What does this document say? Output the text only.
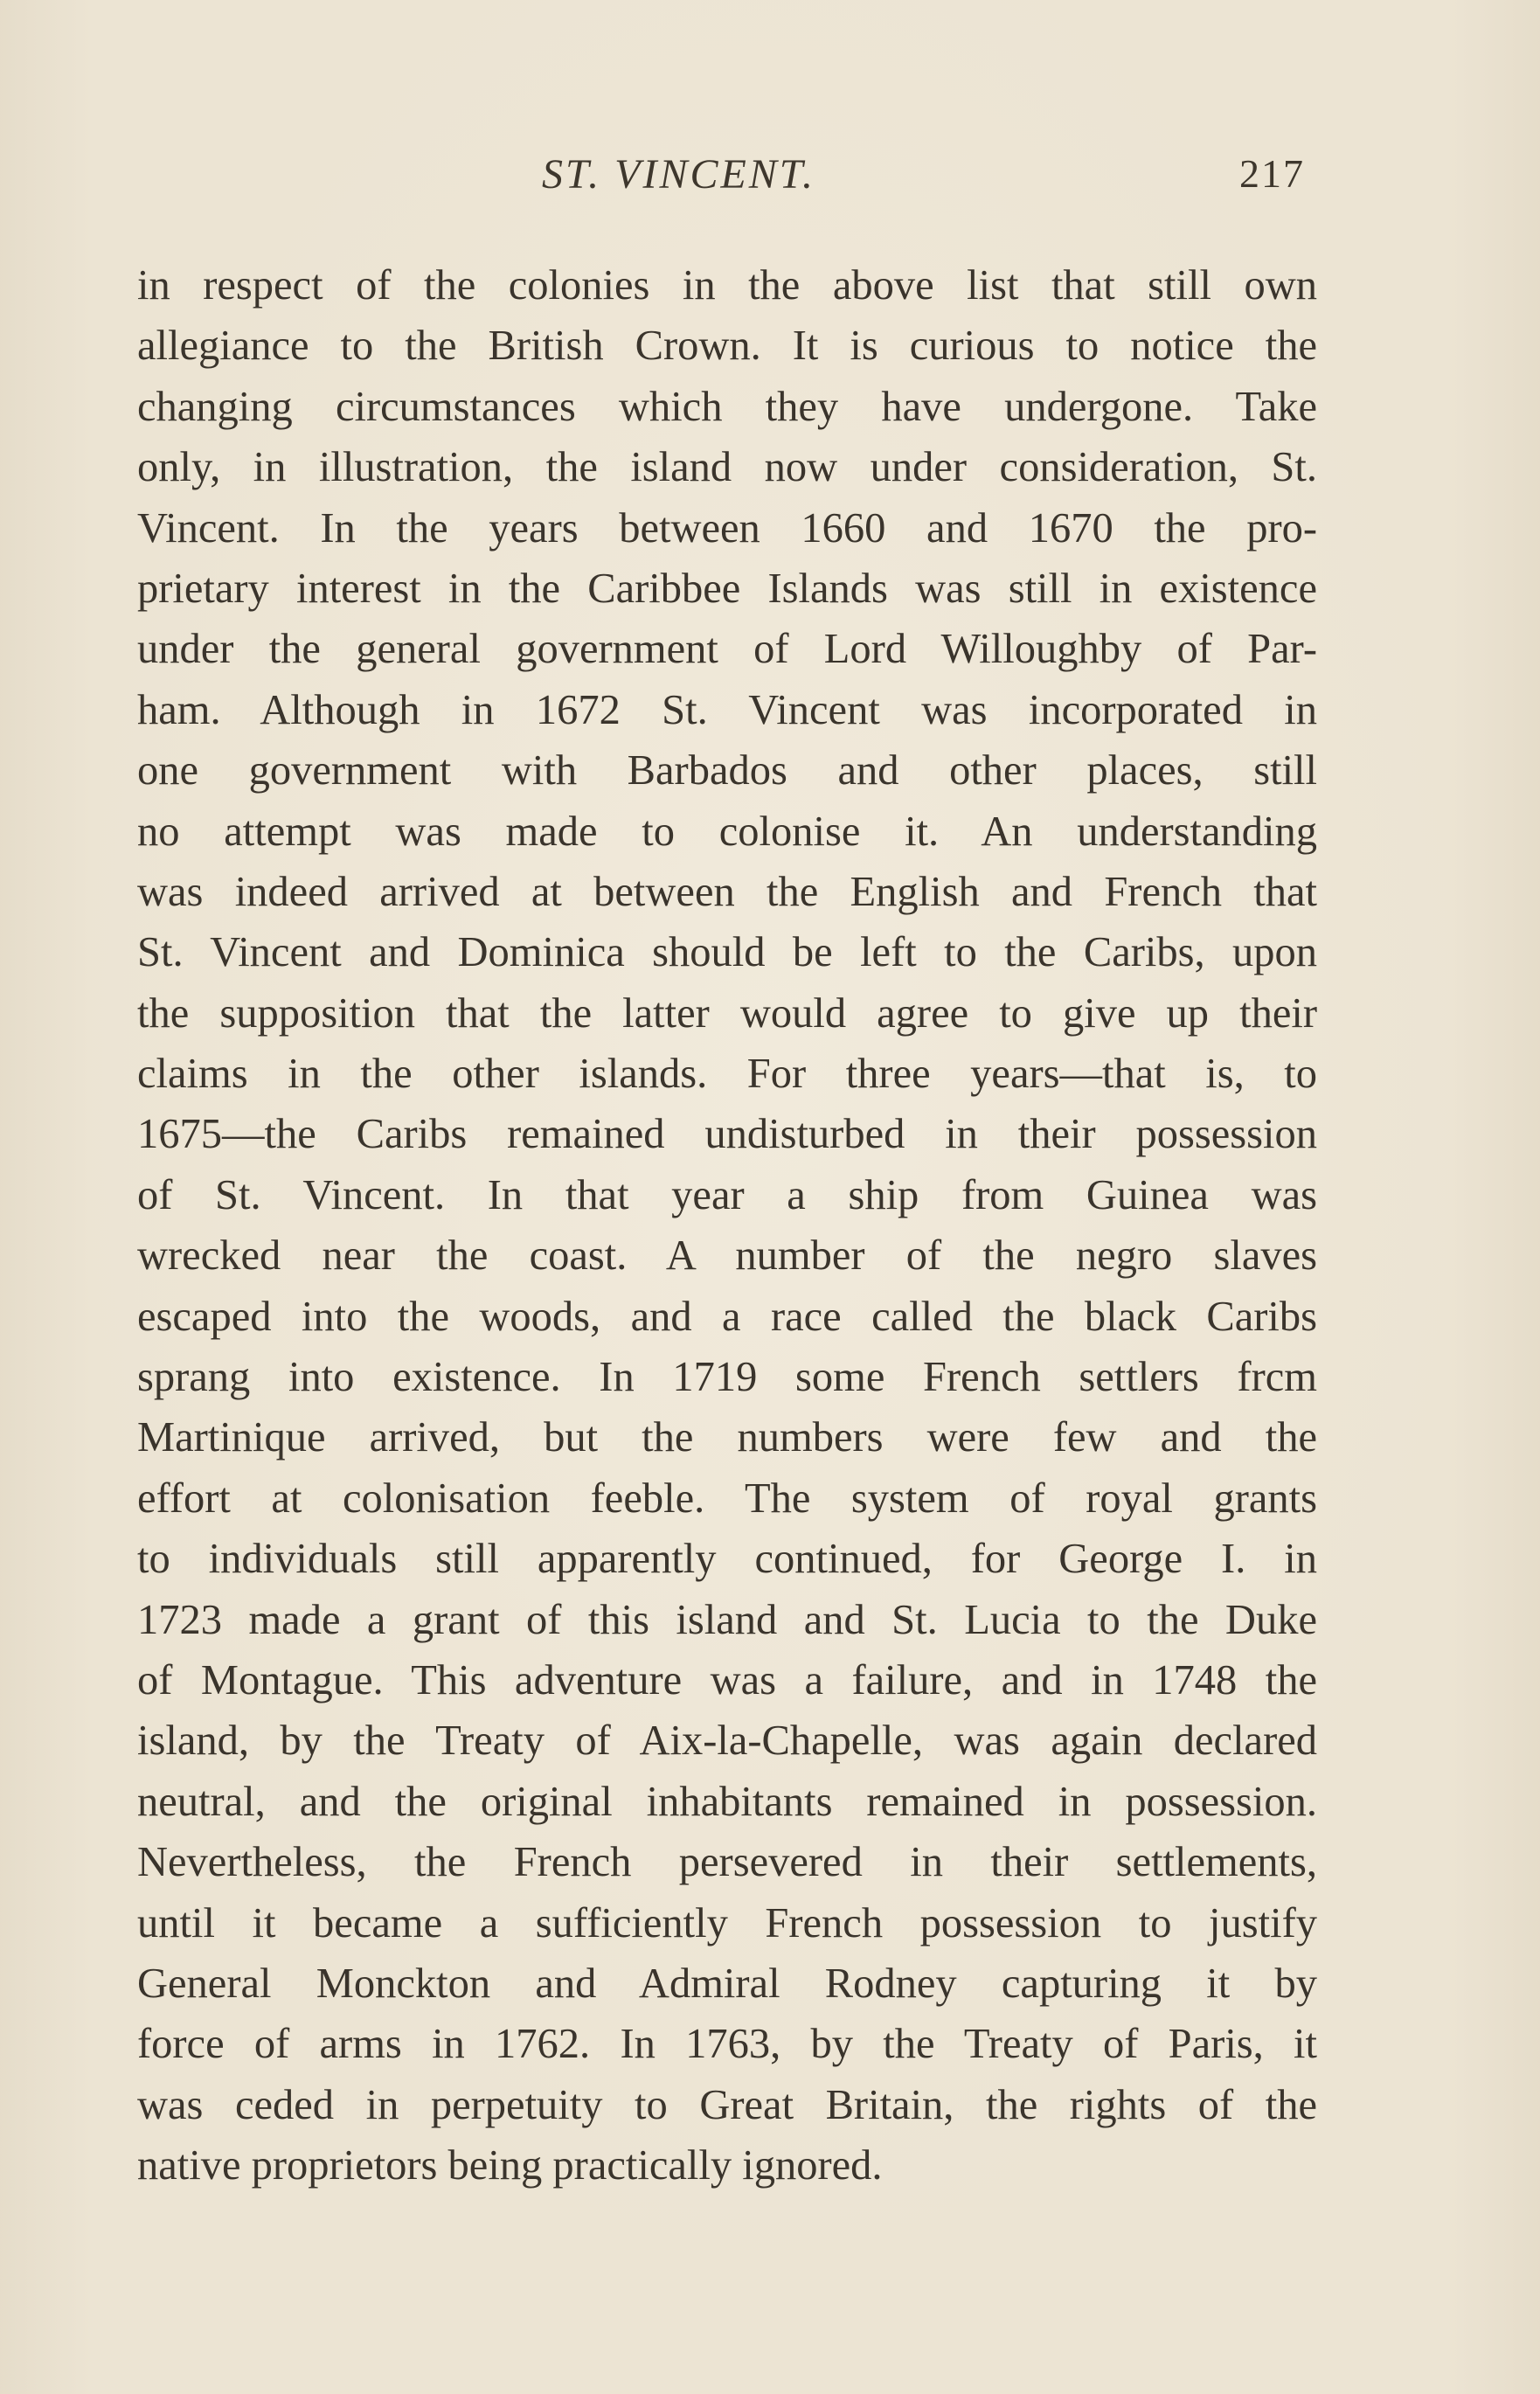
ST. VINCENT.	217

in respect of the colonies in the above list that still own
allegiance to the British Crown. It is curious to notice the
changing circumstances which they have undergone. Take
only, in illustration, the island now under consideration, St.
Vincent. In the years between 1660 and 1670 the pro-
prietary interest in the Caribbee Islands was still in existence
under the general government of Lord Willoughby of Par-
ham. Although in 1672 St. Vincent was incorporated in
one government with Barbados and other places, still
no attempt was made to colonise it. An understanding
was indeed arrived at between the English and French that
St. Vincent and Dominica should be left to the Caribs, upon
the supposition that the latter would agree to give up their
claims in the other islands. For three years—that is, to
1675—the Caribs remained undisturbed in their possession
of St. Vincent. In that year a ship from Guinea was
wrecked near the coast. A number of the negro slaves
escaped into the woods, and a race called the black Caribs
sprang into existence. In 1719 some French settlers frcm
Martinique arrived, but the numbers were few and the
effort at colonisation feeble. The system of royal grants
to individuals still apparently continued, for George I. in
1723 made a grant of this island and St. Lucia to the Duke
of Montague. This adventure was a failure, and in 1748 the
island, by the Treaty of Aix-la-Chapelle, was again declared
neutral, and the original inhabitants remained in possession.
Nevertheless, the French persevered in their settlements,
until it became a sufficiently French possession to justify
General Monckton and Admiral Rodney capturing it by
force of arms in 1762. In 1763, by the Treaty of Paris, it
was ceded in perpetuity to Great Britain, the rights of the
native proprietors being practically ignored.
